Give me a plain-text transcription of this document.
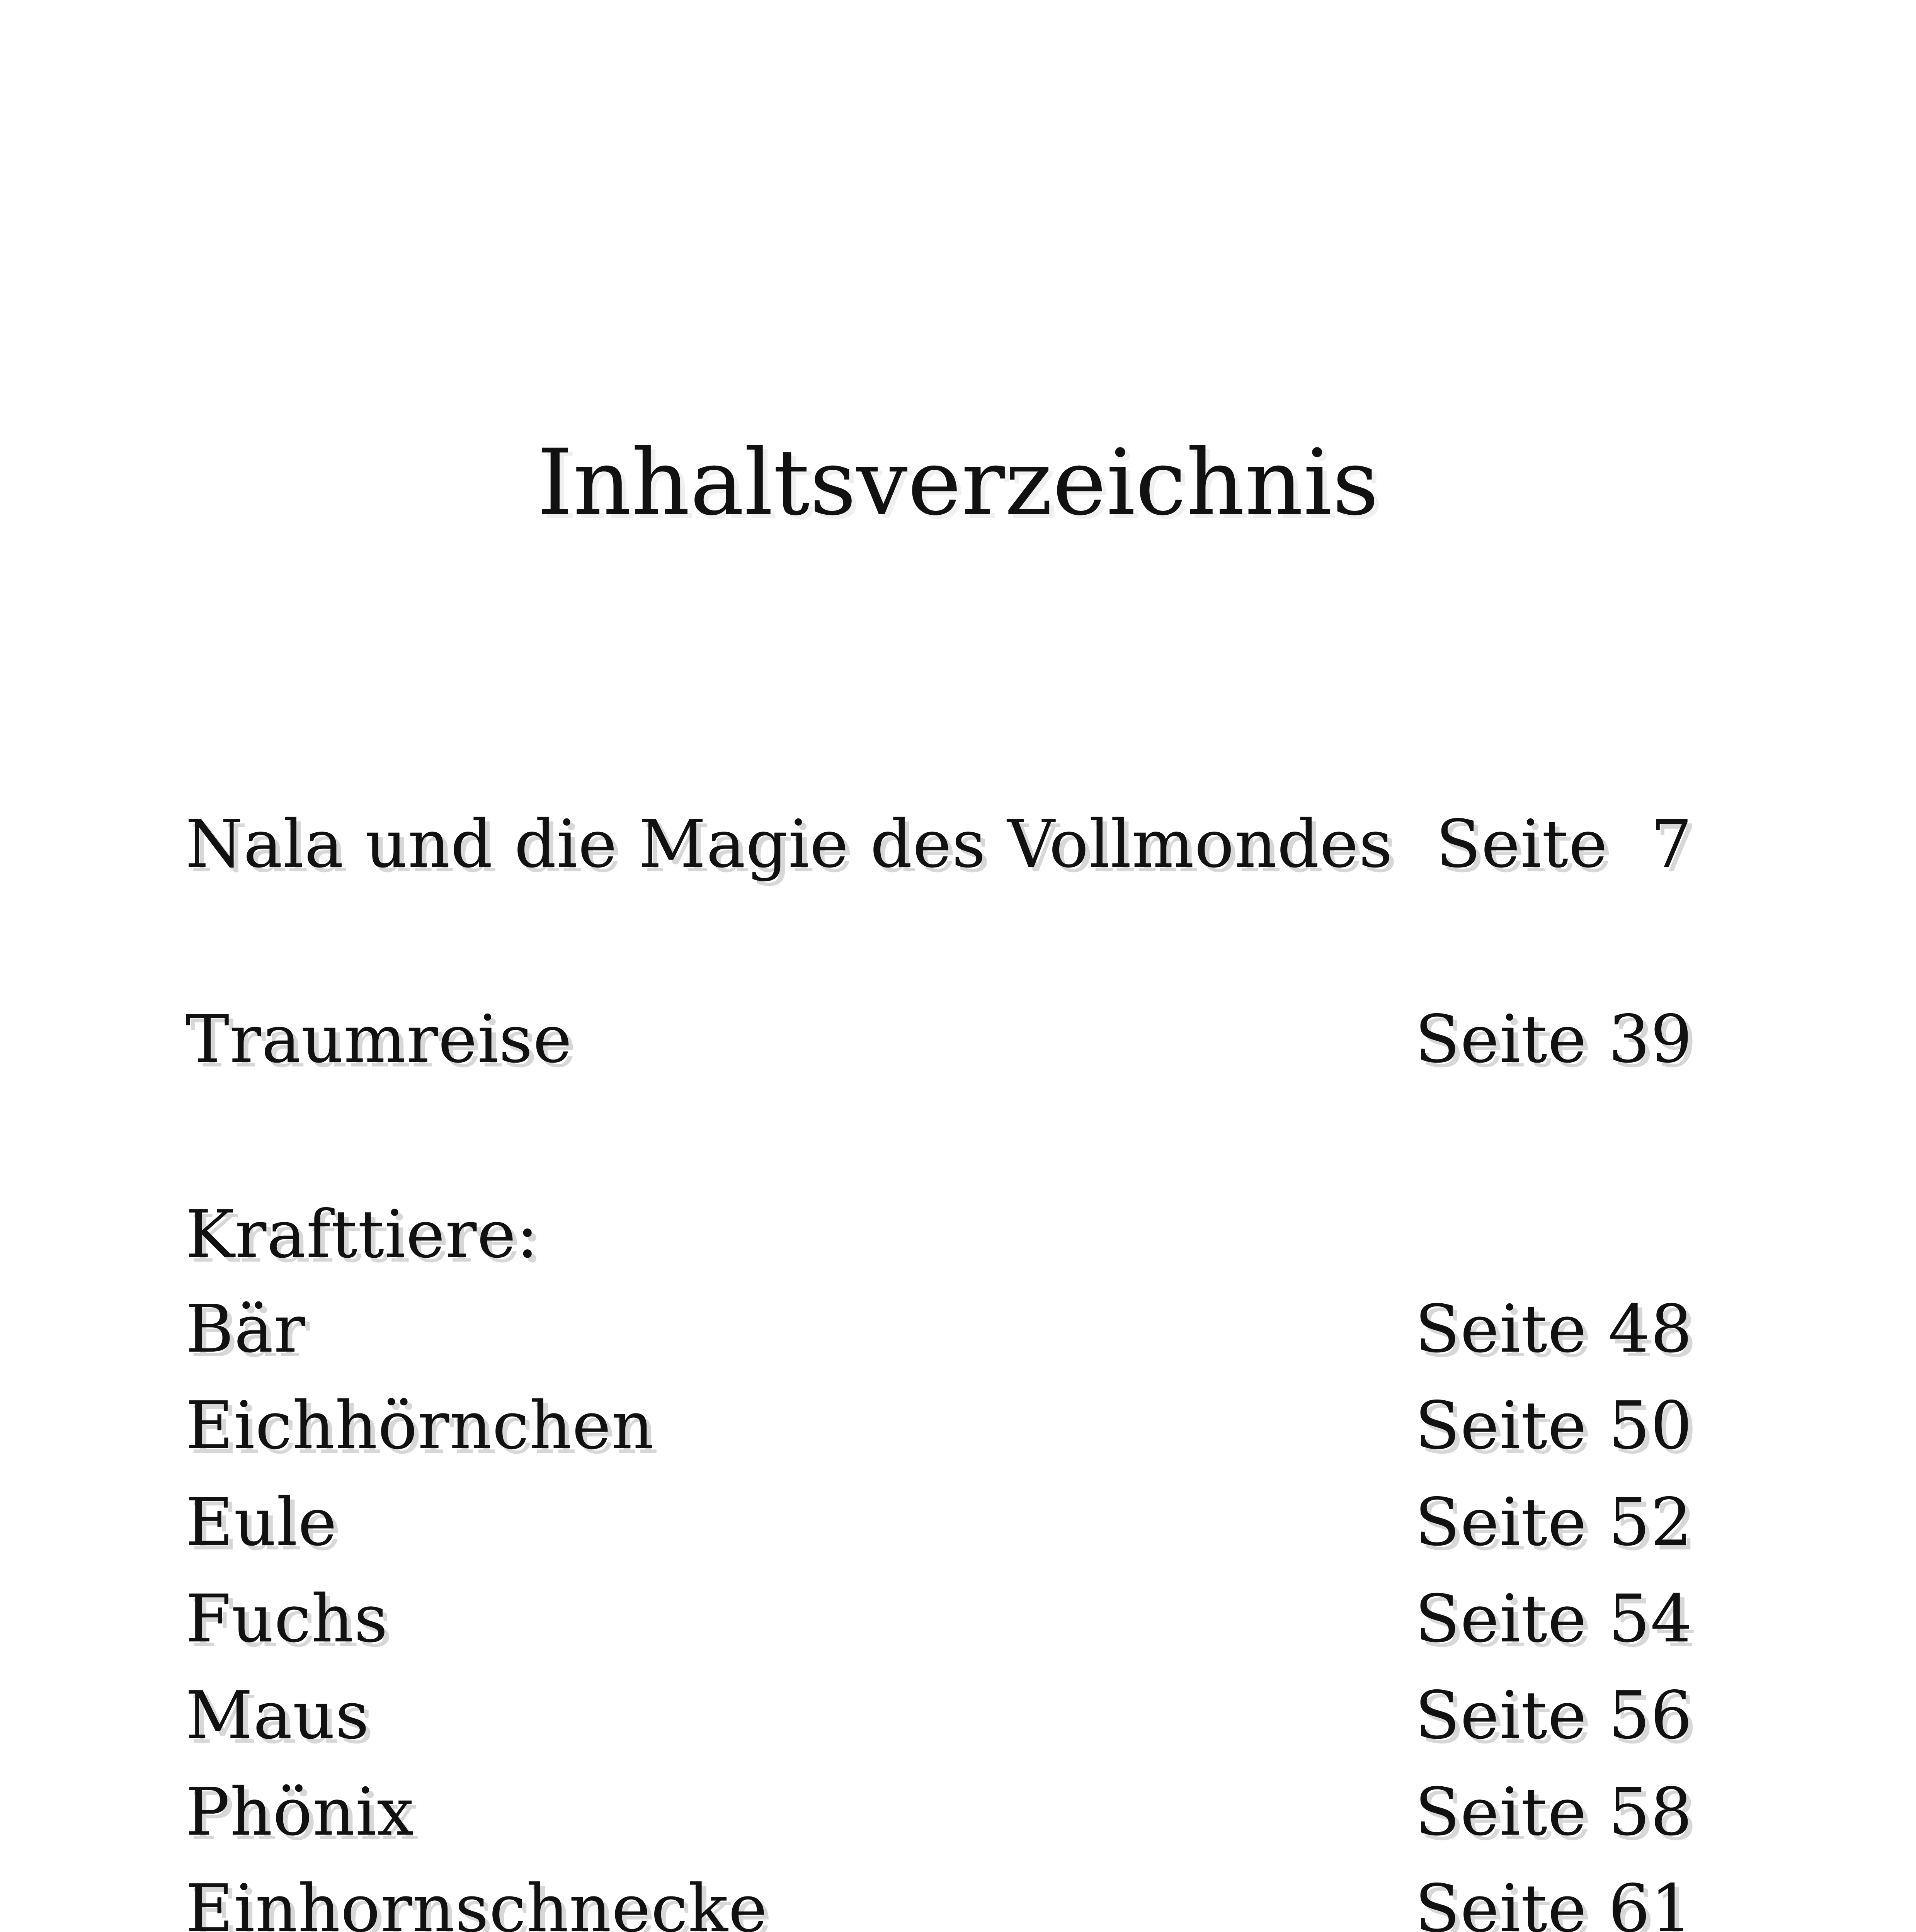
Inhaltsverzeichnis
Nala und die Magie des Vollmondes Seite  7
Traumreise	Seite 39
Krafttiere:
Bär	Seite 48
Eichhörnchen	Seite 50
Eule	Seite 52
Fuchs	Seite 54
Maus	Seite 56
Phönix	Seite 58
Einhornschnecke	Seite 61
